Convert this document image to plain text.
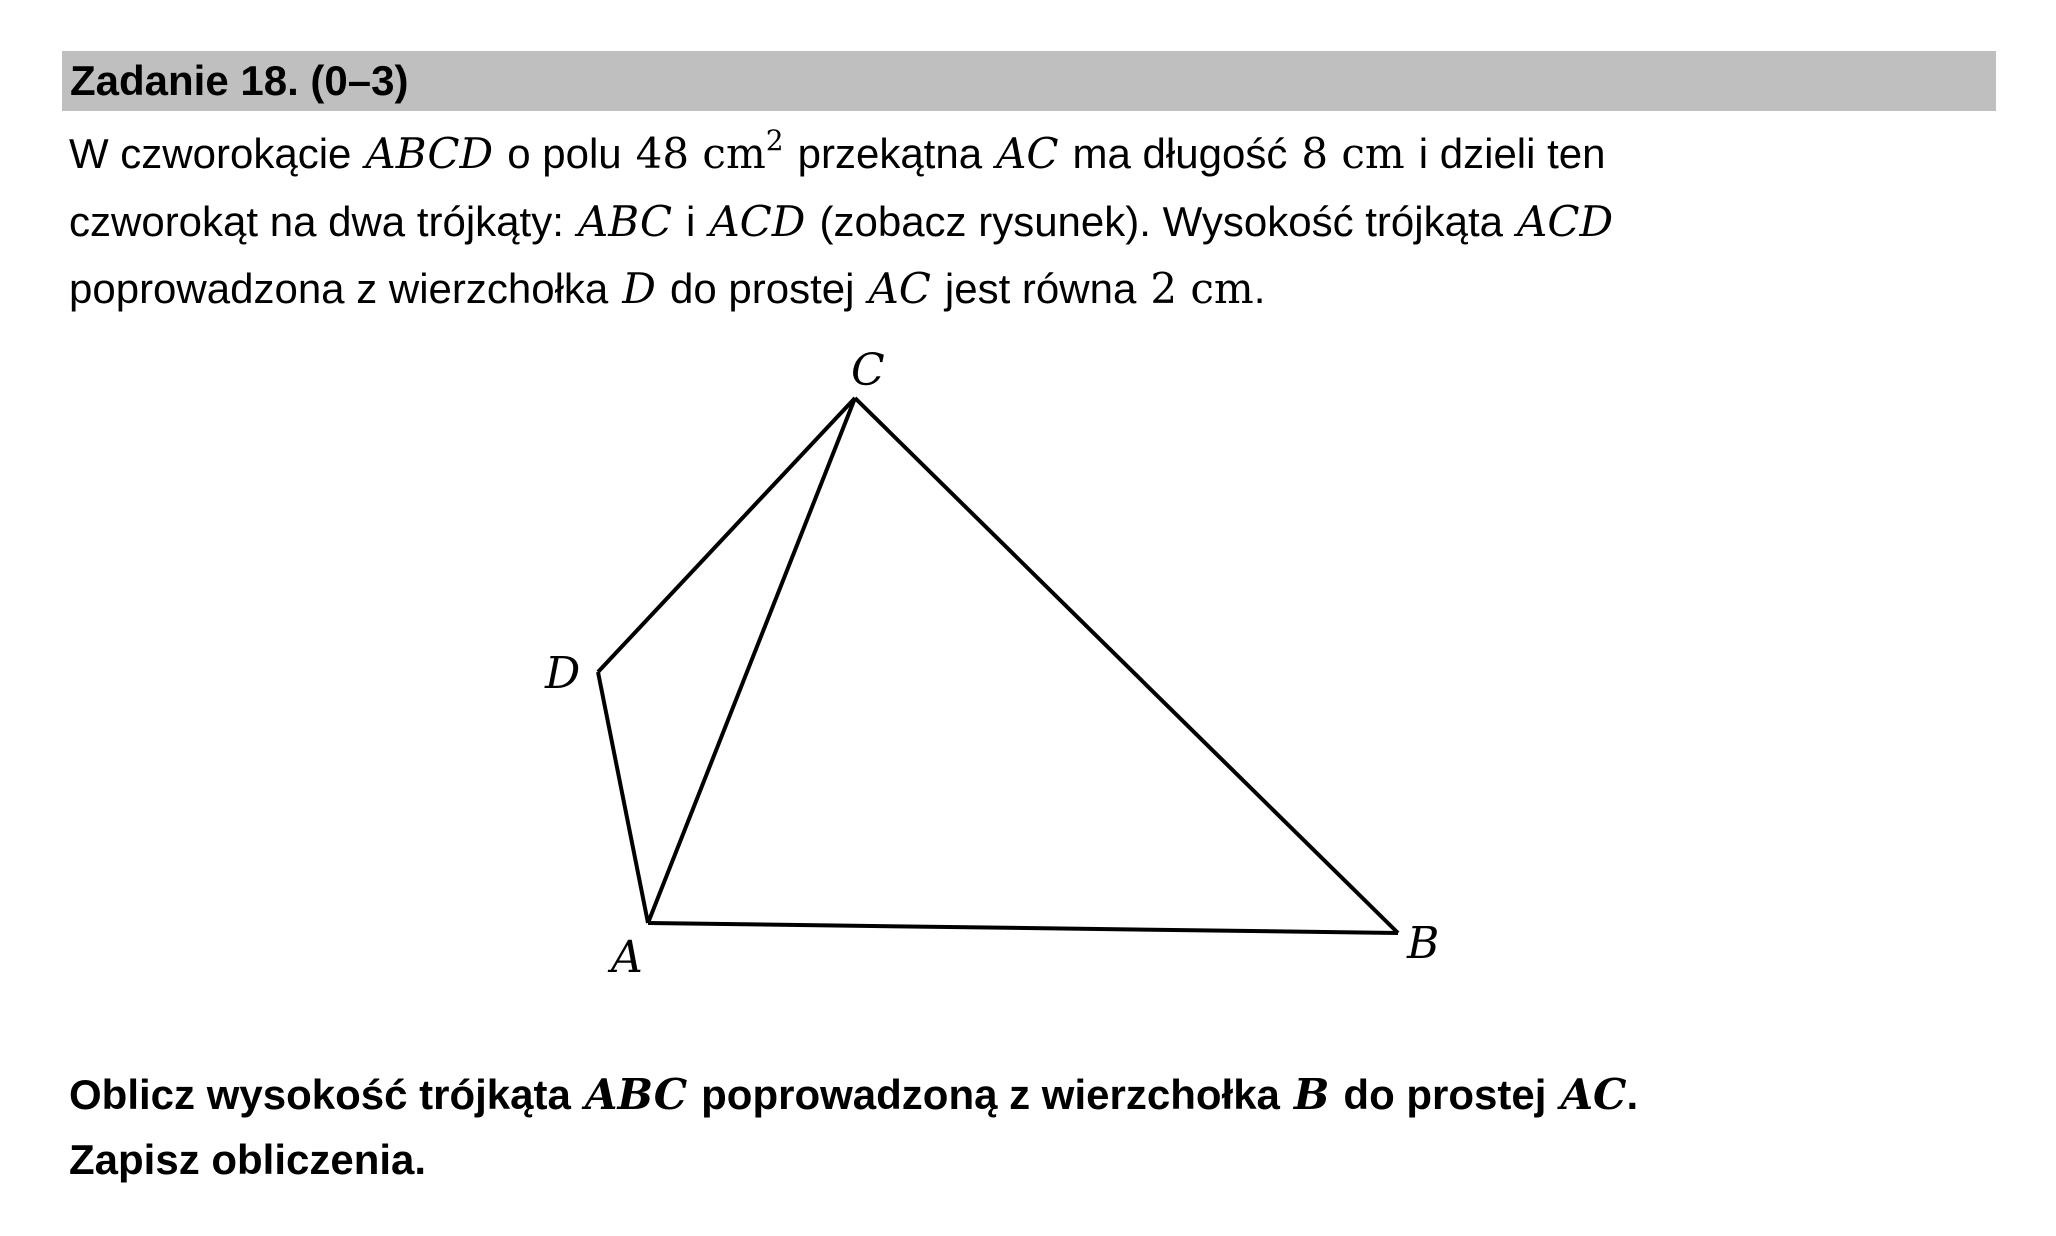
Zadanie 18. (0–3)
W czworokącie ABCD o polu 48 $cm^2$ przekątna AC ma długość 8 cm i dzieli ten
czworokąt na dwa trójkąty: ABC i ACD (zobacz rysunek). Wysokość trójkąta ACD
poprowadzona z wierzchołka D do prostej AC jest równa 2 cm.
C
D
A	B
Oblicz wysokość trójkąta ABC poprowadzoną z wierzchołka B do prostej AC.
Zapisz obliczenia.
